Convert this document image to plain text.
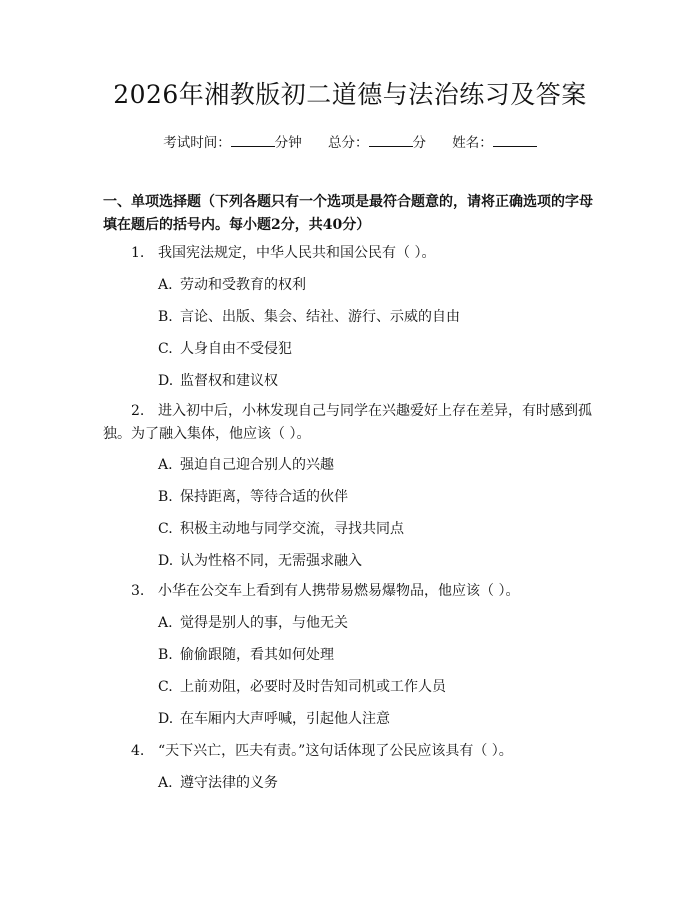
2026年湘教版初二道德与法治练习及答案
考试时间：	分钟 总分：	分 姓名：
一、单项选择题（下列各题只有一个选项是最符合题意的，请将正确选项的字母填在题后的括号内。每小题2分，共40分）
1. 我国宪法规定，中华人民共和国公民有（ ）。
A. 劳动和受教育的权利
B. 言论、出版、集会、结社、游行、示威的自由
C. 人身自由不受侵犯
D. 监督权和建议权
2. 进入初中后，小林发现自己与同学在兴趣爱好上存在差异，有时感到孤独。为了融入集体，他应该（ ）。
A. 强迫自己迎合别人的兴趣
B. 保持距离，等待合适的伙伴
C. 积极主动地与同学交流，寻找共同点
D. 认为性格不同，无需强求融入
3. 小华在公交车上看到有人携带易燃易爆物品，他应该（ ）。
A. 觉得是别人的事，与他无关
B. 偷偷跟随，看其如何处理
C. 上前劝阻，必要时及时告知司机或工作人员
D. 在车厢内大声呼喊，引起他人注意
4. “天下兴亡，匹夫有责。”这句话体现了公民应该具有（ ）。
A. 遵守法律的义务
